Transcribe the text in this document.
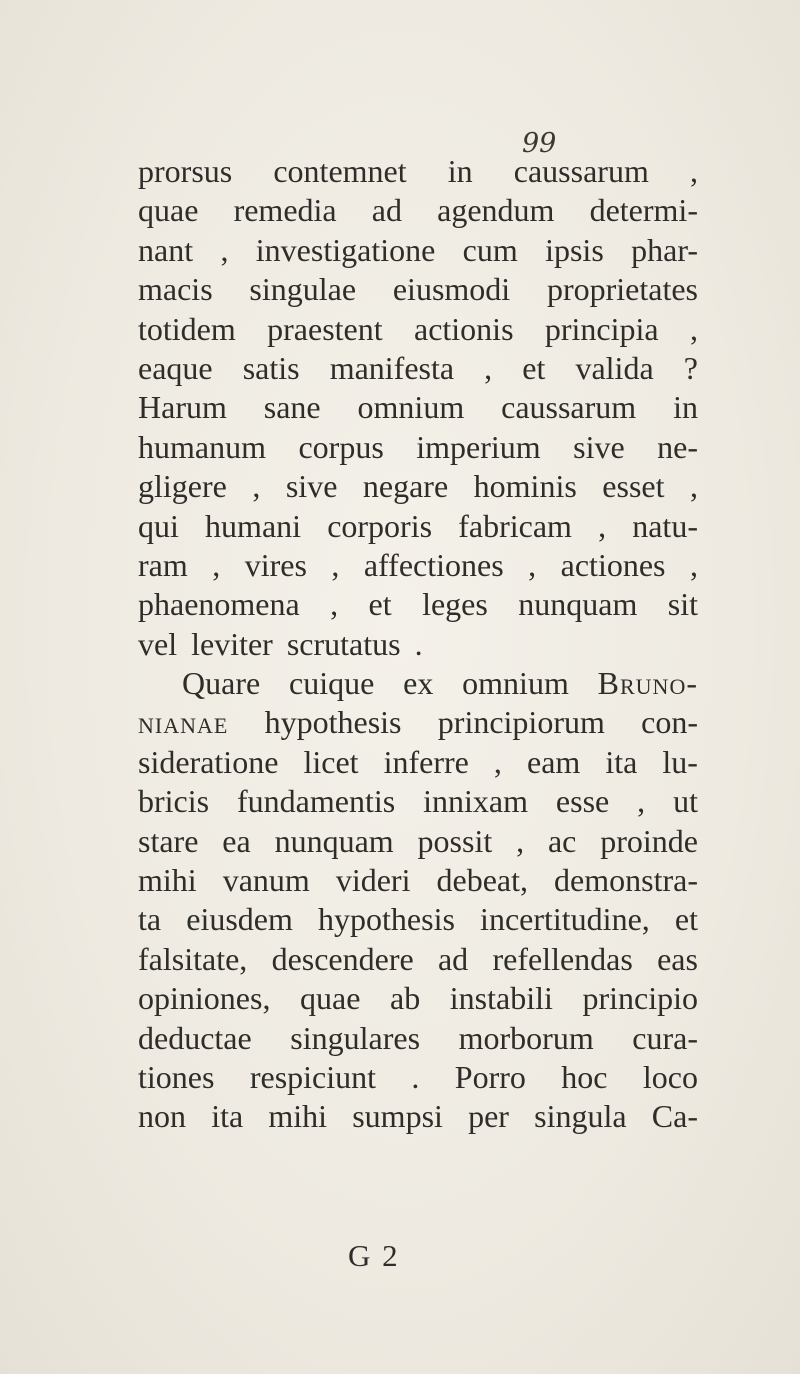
99
prorsus contemnet in caussarum ,
quae remedia ad agendum determi-
nant , investigatione cum ipsis phar-
macis singulae eiusmodi proprietates
totidem praestent actionis principia ,
eaque satis manifesta , et valida ?
Harum sane omnium caussarum in
humanum corpus imperium sive ne-
gligere , sive negare hominis esset ,
qui humani corporis fabricam , natu-
ram , vires , affectiones , actiones ,
phaenomena , et leges nunquam sit
vel leviter scrutatus .
Quare cuique ex omnium Bruno-
nianae hypothesis principiorum con-
sideratione licet inferre , eam ita lu-
bricis fundamentis innixam esse , ut
stare ea nunquam possit , ac proinde
mihi vanum videri debeat, demonstra-
ta eiusdem hypothesis incertitudine, et
falsitate, descendere ad refellendas eas
opiniones, quae ab instabili principio
deductae singulares morborum cura-
tiones respiciunt . Porro hoc loco
non ita mihi sumpsi per singula Ca-
G 2
